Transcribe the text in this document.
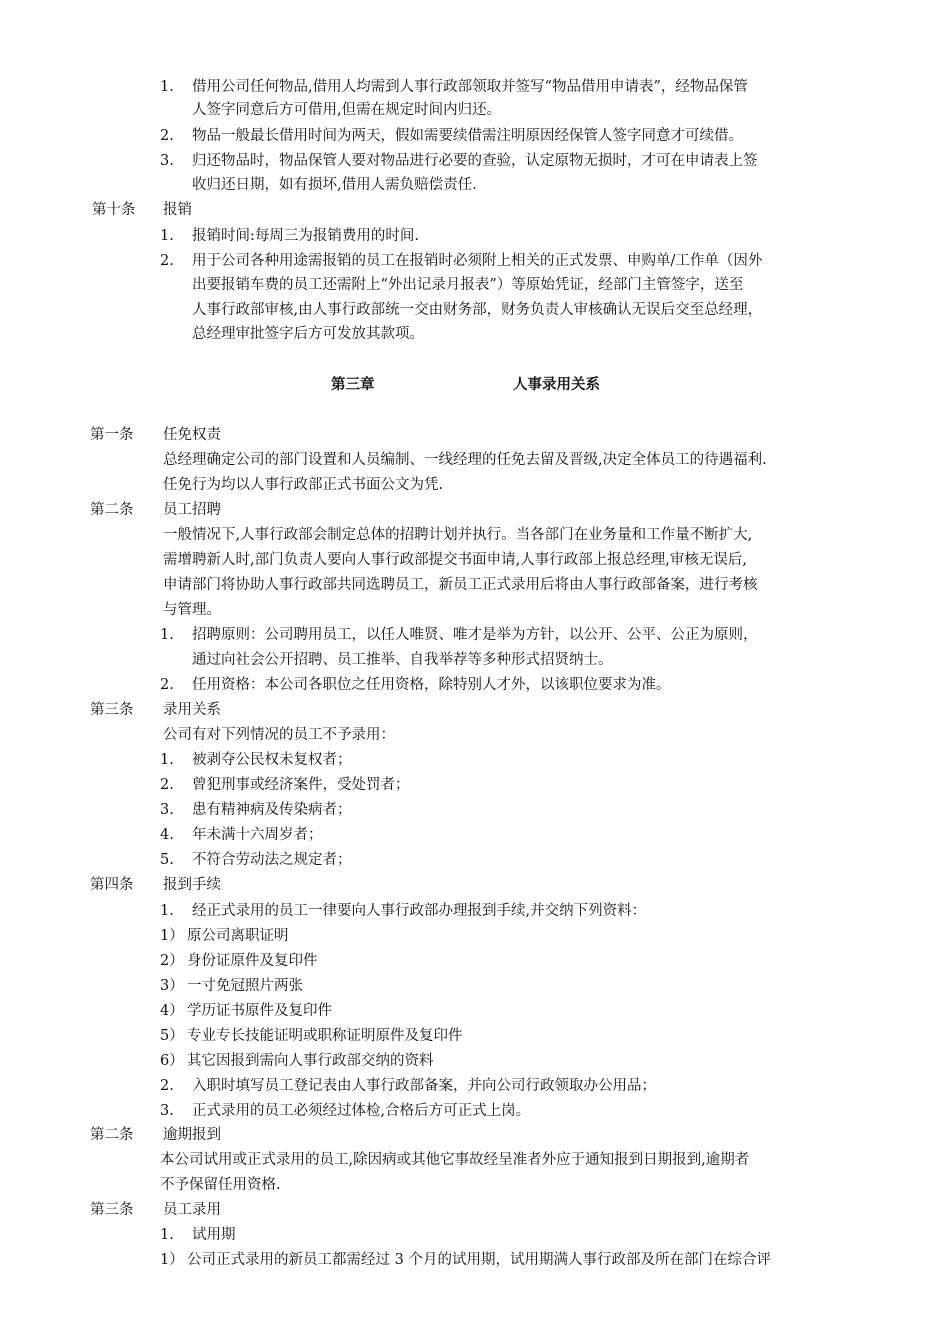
1. 借用公司任何物品,借用人均需到人事行政部领取并签写“物品借用申请表”，经物品保管
人签字同意后方可借用,但需在规定时间内归还。
2. 物品一般最长借用时间为两天，假如需要续借需注明原因经保管人签字同意才可续借。
3. 归还物品时，物品保管人要对物品进行必要的查验，认定原物无损时，才可在申请表上签
收归还日期，如有损坏,借用人需负赔偿责任.
第十条 报销
1. 报销时间:每周三为报销费用的时间.
2. 用于公司各种用途需报销的员工在报销时必须附上相关的正式发票、申购单/工作单（因外
出要报销车费的员工还需附上“外出记录月报表”）等原始凭证，经部门主管签字，送至
人事行政部审核,由人事行政部统一交由财务部，财务负责人审核确认无误后交至总经理，
总经理审批签字后方可发放其款项。
第三章	人事录用关系
第一条 任免权责
总经理确定公司的部门设置和人员编制、一线经理的任免去留及晋级,决定全体员工的待遇福利.
任免行为均以人事行政部正式书面公文为凭.
第二条 员工招聘
一般情况下,人事行政部会制定总体的招聘计划并执行。当各部门在业务量和工作量不断扩大,
需增聘新人时,部门负责人要向人事行政部提交书面申请,人事行政部上报总经理,审核无误后,
申请部门将协助人事行政部共同选聘员工，新员工正式录用后将由人事行政部备案，进行考核
与管理。
1. 招聘原则：公司聘用员工，以任人唯贤、唯才是举为方针，以公开、公平、公正为原则，
通过向社会公开招聘、员工推举、自我举荐等多种形式招贤纳士。
2. 任用资格：本公司各职位之任用资格，除特别人才外，以该职位要求为准。
第三条 录用关系
公司有对下列情况的员工不予录用：
1. 被剥夺公民权未复权者；
2. 曾犯刑事或经济案件，受处罚者；
3. 患有精神病及传染病者；
4. 年未满十六周岁者；
5. 不符合劳动法之规定者；
第四条 报到手续
1. 经正式录用的员工一律要向人事行政部办理报到手续,并交纳下列资料：
1） 原公司离职证明
2） 身份证原件及复印件
3） 一寸免冠照片两张
4） 学历证书原件及复印件
5） 专业专长技能证明或职称证明原件及复印件
6） 其它因报到需向人事行政部交纳的资料
2. 入职时填写员工登记表由人事行政部备案，并向公司行政领取办公用品；
3. 正式录用的员工必须经过体检,合格后方可正式上岗。
第二条 逾期报到
本公司试用或正式录用的员工,除因病或其他它事故经呈准者外应于通知报到日期报到,逾期者
不予保留任用资格.
第三条 员工录用
1. 试用期
1） 公司正式录用的新员工都需经过 3 个月的试用期，试用期满人事行政部及所在部门在综合评
